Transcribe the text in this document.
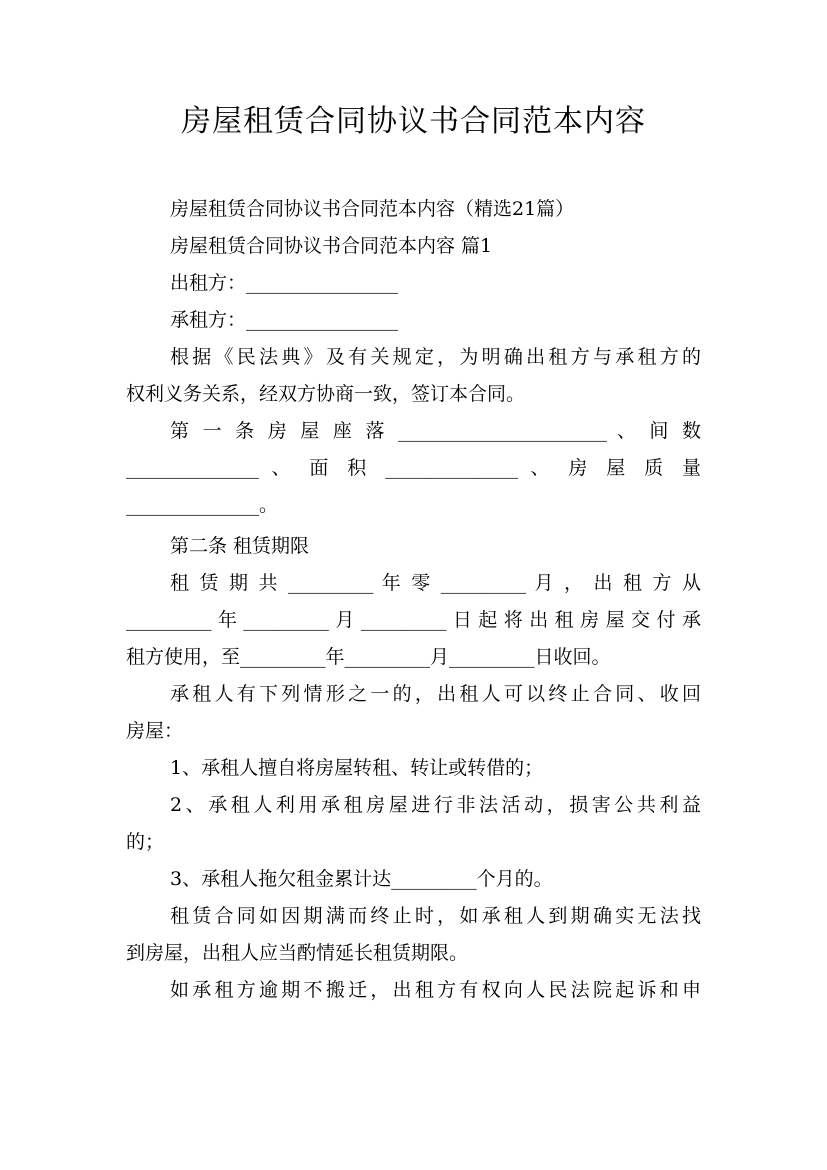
房屋租赁合同协议书合同范本内容

房屋租赁合同协议书合同范本内容（精选21篇）

房屋租赁合同协议书合同范本内容 篇1

出租方：________________

承租方：________________

根据《民法典》及有关规定，为明确出租方与承租方的

权利义务关系，经双方协商一致，签订本合同。

第 一 条 房 屋 座 落 ______________________ 、 间 数

______________ 、 面 积 ______________ 、 房 屋 质 量

______________。

第二条 租赁期限

租 赁 期 共 _________ 年 零 _________ 月 ， 出 租 方 从

_________年_________月_________日起将出租房屋交付承

租方使用，至_________年_________月_________日收回。

承租人有下列情形之一的，出租人可以终止合同、收回

房屋：

1、承租人擅自将房屋转租、转让或转借的；

2、承租人利用承租房屋进行非法活动，损害公共利益

的；

3、承租人拖欠租金累计达_________个月的。

租赁合同如因期满而终止时，如承租人到期确实无法找

到房屋，出租人应当酌情延长租赁期限。

如承租方逾期不搬迁，出租方有权向人民法院起诉和申
